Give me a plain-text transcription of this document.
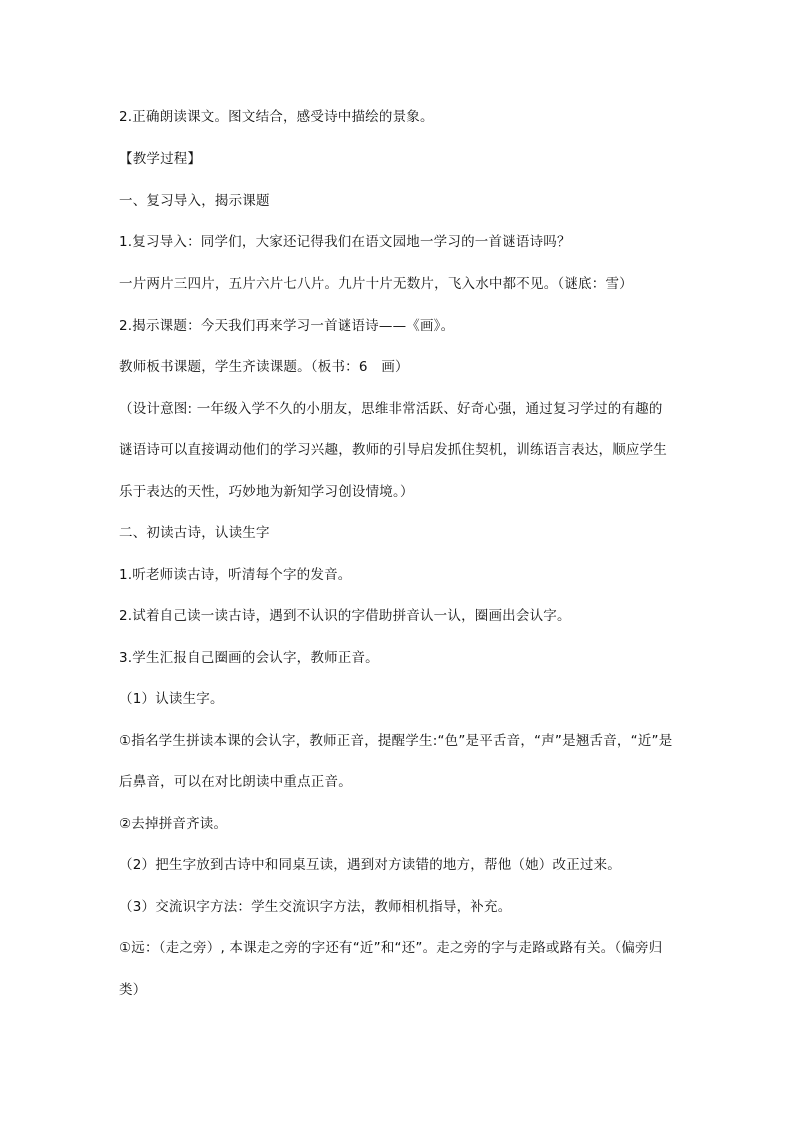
2.正确朗读课文。图文结合，感受诗中描绘的景象。
【教学过程】
一、复习导入，揭示课题
1.复习导入：同学们，大家还记得我们在语文园地一学习的一首谜语诗吗？
一片两片三四片，五片六片七八片。九片十片无数片，飞入水中都不见。（谜底：雪）
2.揭示课题：今天我们再来学习一首谜语诗——《画》。
教师板书课题，学生齐读课题。（板书：6　画）
（设计意图: 一年级入学不久的小朋友，思维非常活跃、好奇心强，通过复习学过的有趣的
谜语诗可以直接调动他们的学习兴趣，教师的引导启发抓住契机，训练语言表达，顺应学生
乐于表达的天性，巧妙地为新知学习创设情境。）
二、初读古诗，认读生字
1.听老师读古诗，听清每个字的发音。
2.试着自己读一读古诗，遇到不认识的字借助拼音认一认，圈画出会认字。
3.学生汇报自己圈画的会认字，教师正音。
（1）认读生字。
①指名学生拼读本课的会认字，教师正音，提醒学生:“色”是平舌音，“声”是翘舌音，“近”是
后鼻音，可以在对比朗读中重点正音。
②去掉拼音齐读。
（2）把生字放到古诗中和同桌互读，遇到对方读错的地方，帮他（她）改正过来。
（3）交流识字方法：学生交流识字方法，教师相机指导，补充。
①远：（走之旁）, 本课走之旁的字还有“近”和“还”。走之旁的字与走路或路有关。（偏旁归
类）
